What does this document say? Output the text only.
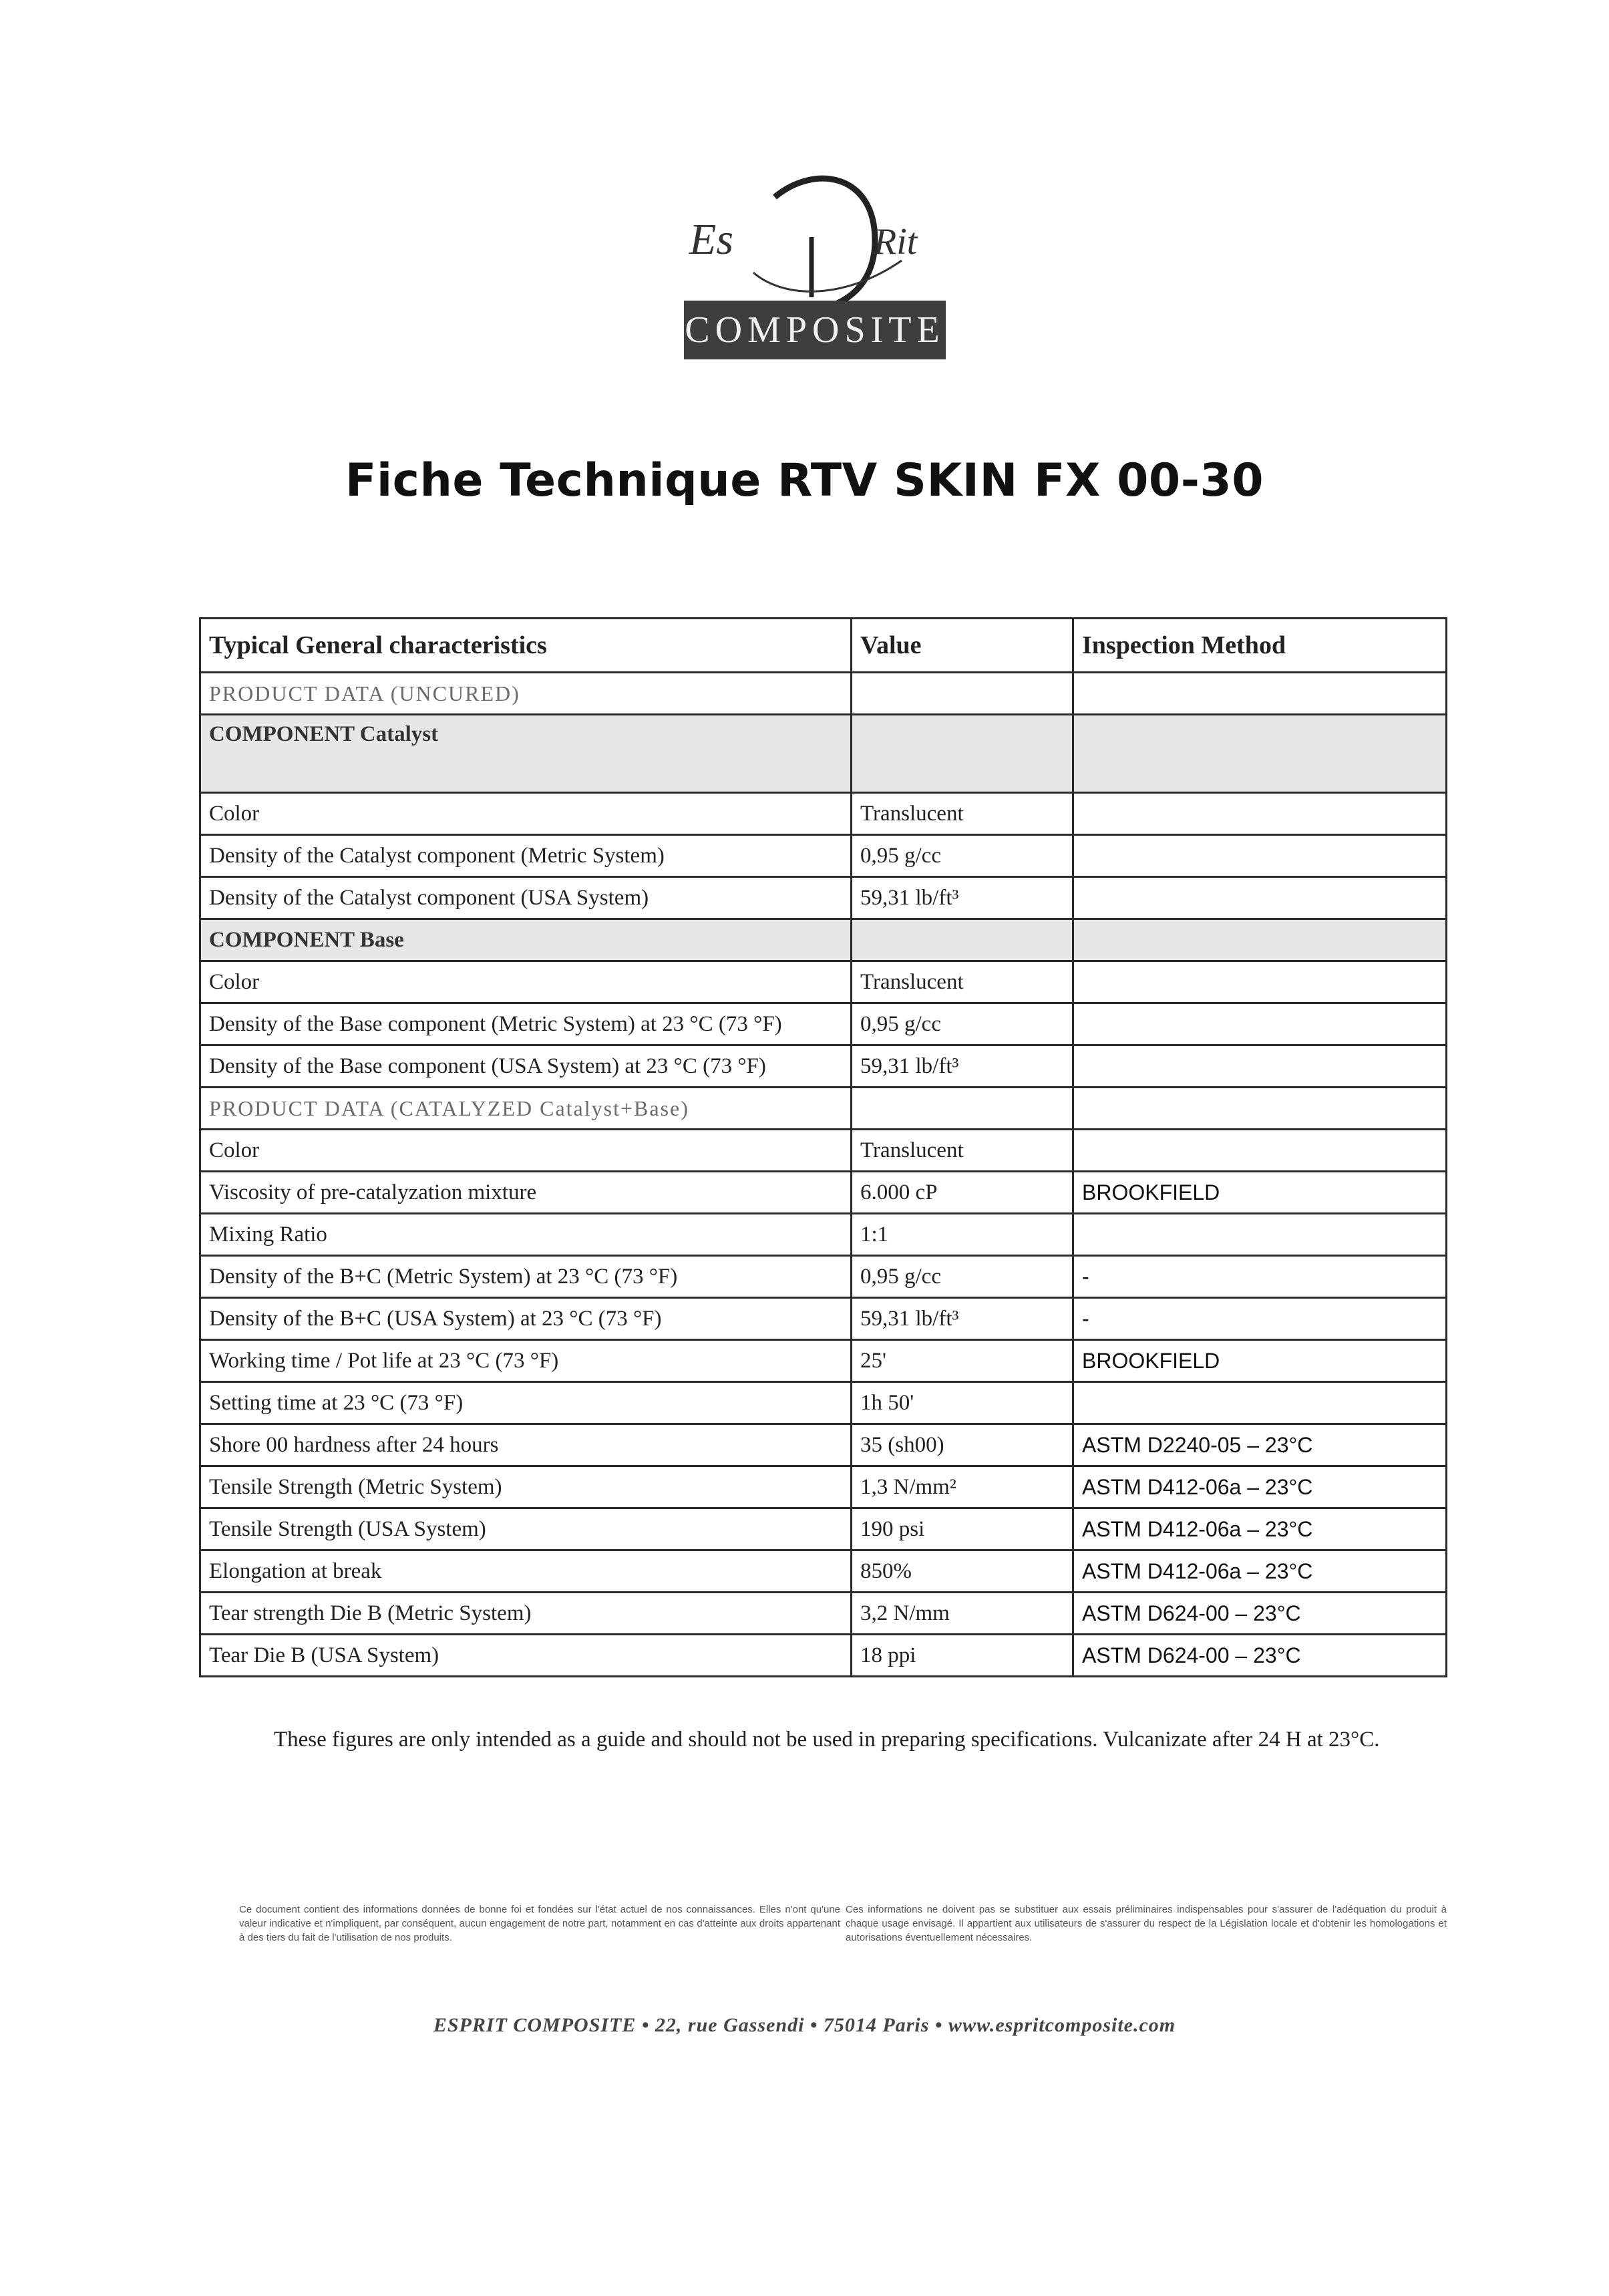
Es	Rit
COMPOSITE
Fiche Technique RTV SKIN FX 00-30
Typical General characteristics	Value	Inspection Method
PRODUCT DATA (UNCURED)		
COMPONENT Catalyst		
Color	Translucent	
Density of the Catalyst component (Metric System)	0,95 g/cc	
Density of the Catalyst component (USA System)	59,31 lb/ft³	
COMPONENT Base		
Color	Translucent	
Density of the Base component (Metric System) at 23 °C (73 °F)	0,95 g/cc	
Density of the Base component (USA System) at 23 °C (73 °F)	59,31 lb/ft³	
PRODUCT DATA (CATALYZED Catalyst+Base)		
Color	Translucent	
Viscosity of pre-catalyzation mixture	6.000 cP	BROOKFIELD
Mixing Ratio	1:1	
Density of the B+C (Metric System) at 23 °C (73 °F)	0,95 g/cc	-
Density of the B+C (USA System) at 23 °C (73 °F)	59,31 lb/ft³	-
Working time / Pot life at 23 °C (73 °F)	25'	BROOKFIELD
Setting time at 23 °C (73 °F)	1h 50'	
Shore 00 hardness after 24 hours	35 (sh00)	ASTM D2240-05 – 23°C
Tensile Strength (Metric System)	1,3 N/mm²	ASTM D412-06a – 23°C
Tensile Strength (USA System)	190 psi	ASTM D412-06a – 23°C
Elongation at break	850%	ASTM D412-06a – 23°C
Tear strength Die B (Metric System)	3,2 N/mm	ASTM D624-00 – 23°C
Tear Die B (USA System)	18 ppi	ASTM D624-00 – 23°C
These figures are only intended as a guide and should not be used in preparing specifications. Vulcanizate after 24 H at 23°C.
Ce document contient des informations données de bonne foi et fondées sur l'état actuel de nos connaissances. Elles n'ont qu'une valeur indicative et n'impliquent, par conséquent, aucun engagement de notre part, notamment en cas d'atteinte aux droits appartenant à des tiers du fait de l'utilisation de nos produits.
Ces informations ne doivent pas se substituer aux essais préliminaires indispensables pour s'assurer de l'adéquation du produit à chaque usage envisagé. Il appartient aux utilisateurs de s'assurer du respect de la Législation locale et d'obtenir les homologations et autorisations éventuellement nécessaires.
ESPRIT COMPOSITE • 22, rue Gassendi • 75014 Paris • www.espritcomposite.com
